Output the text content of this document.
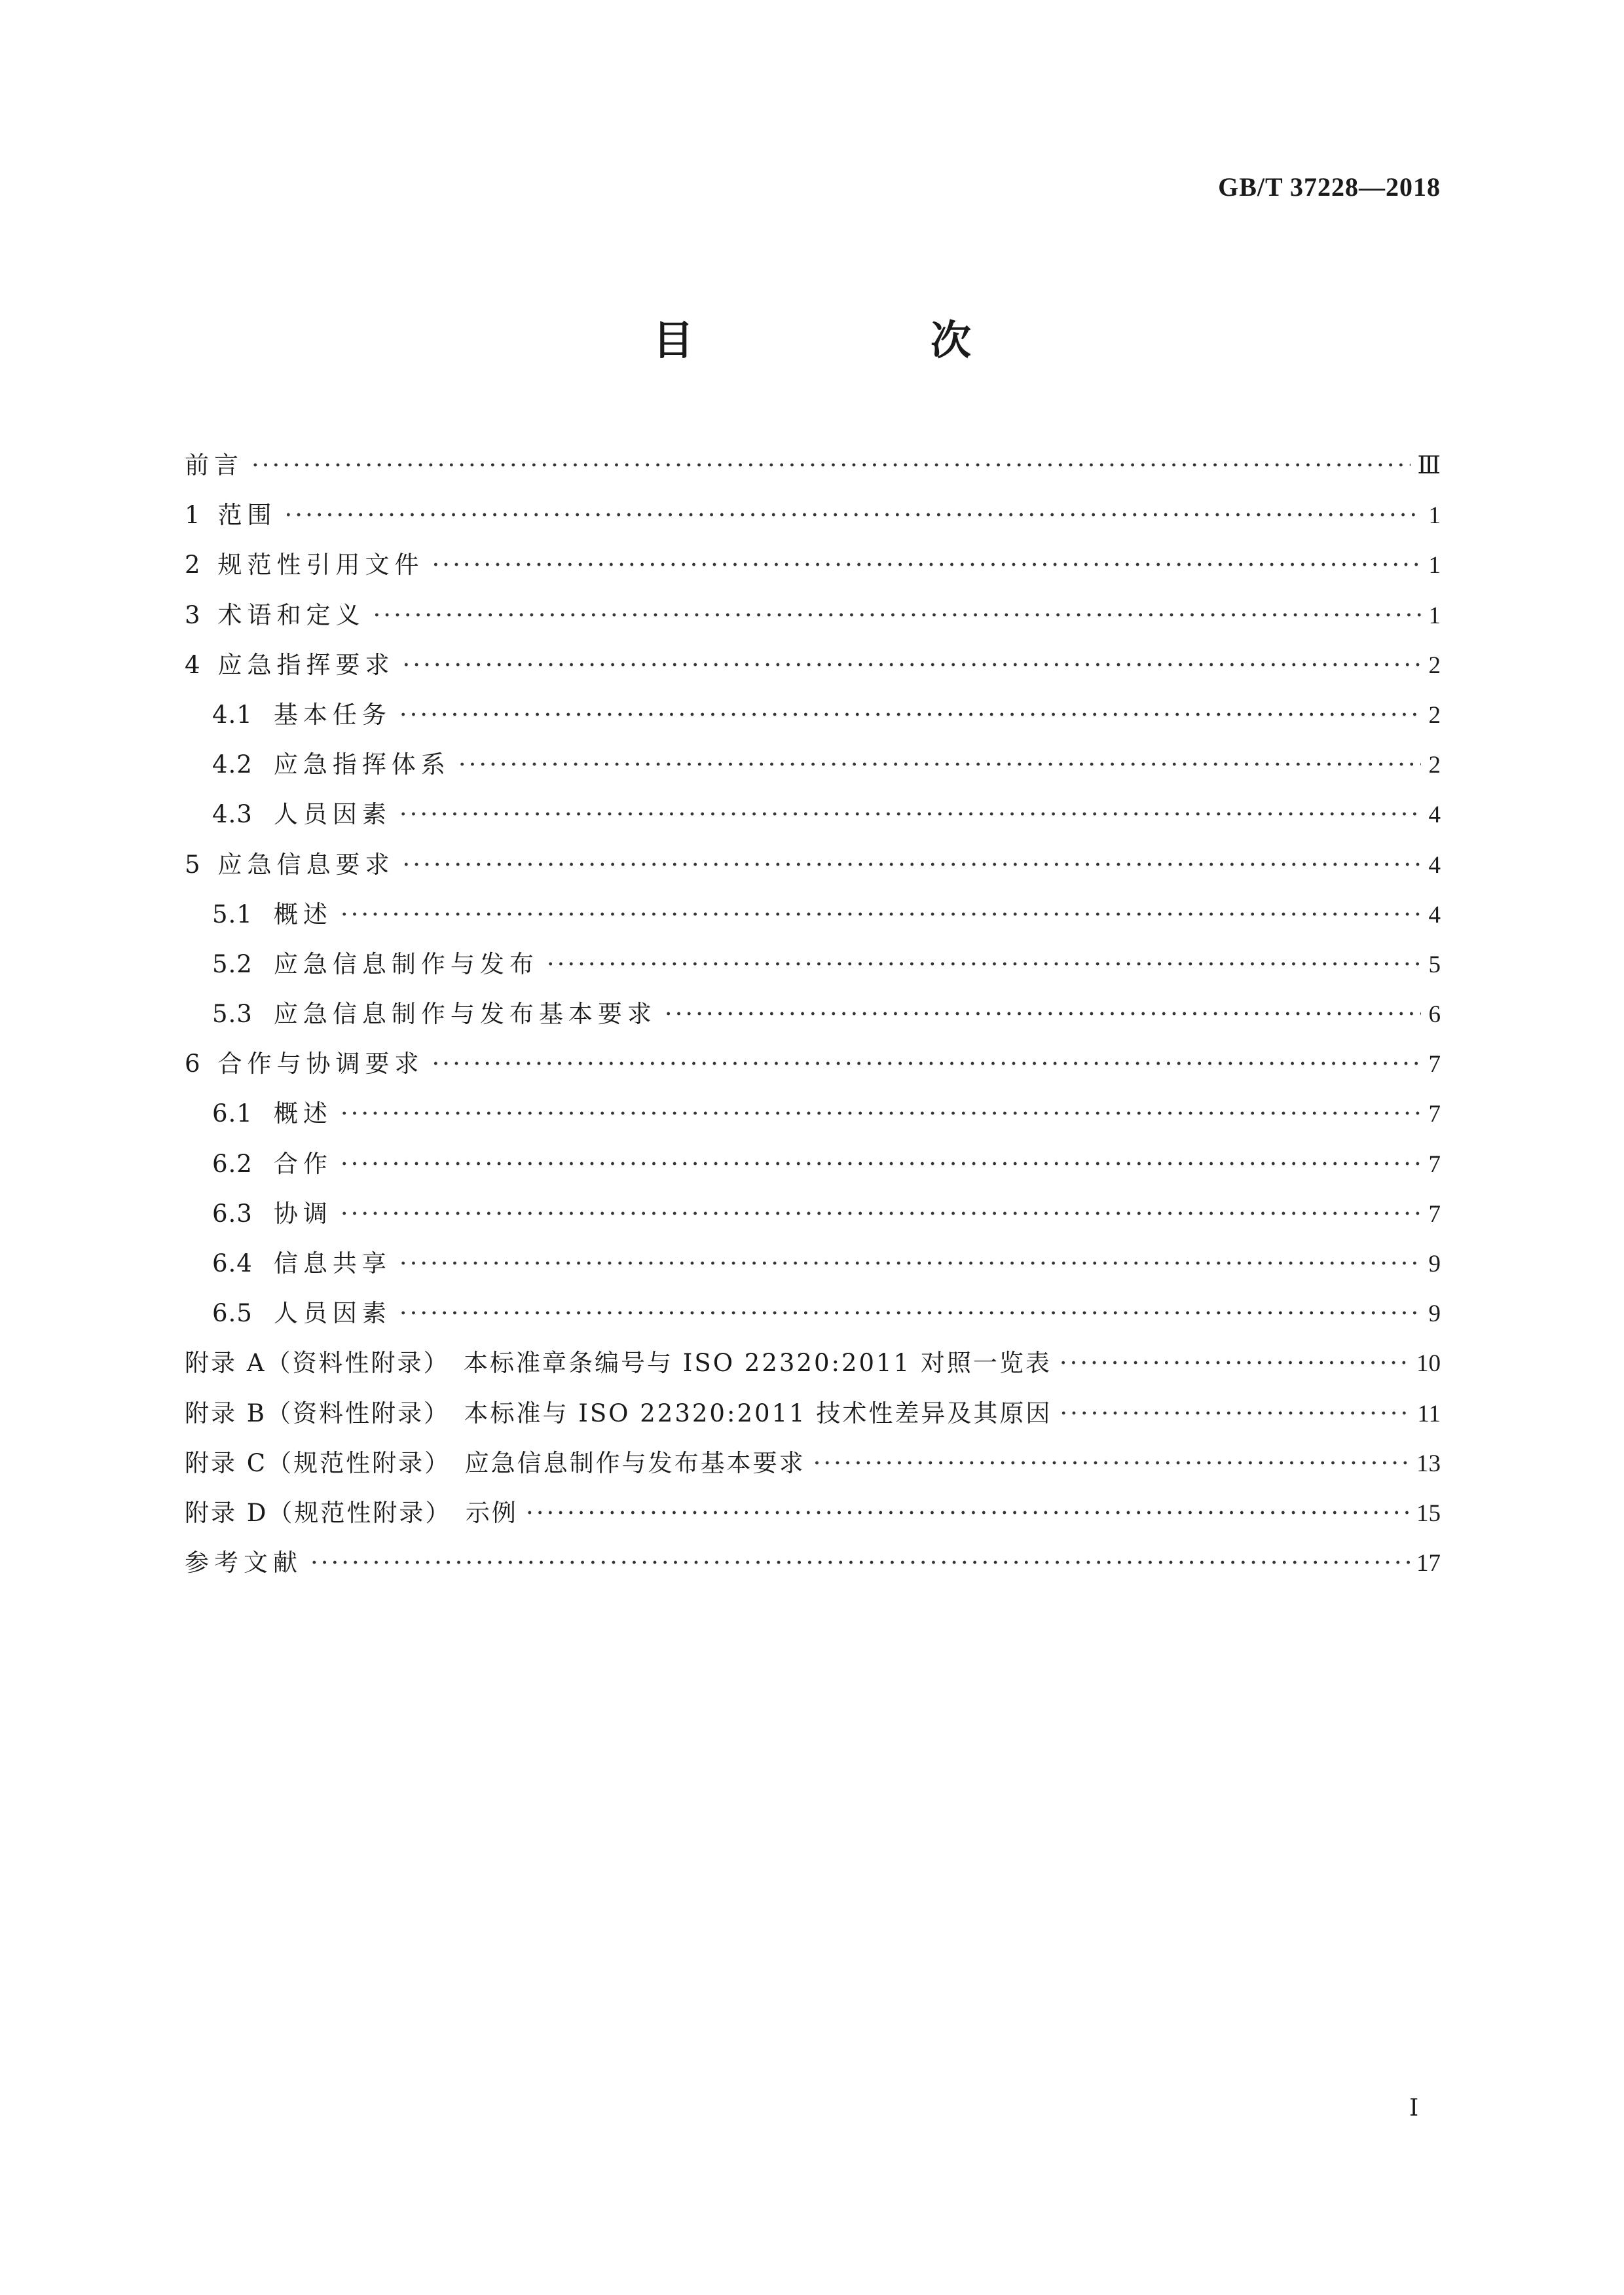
GB/T 37228—2018
目　次
前言 ·····	Ⅲ
1 范围 ·····	1
2 规范性引用文件 ·····	1
3 术语和定义 ·····	1
4 应急指挥要求 ·····	2
4.1 基本任务 ·····	2
4.2 应急指挥体系 ·····	2
4.3 人员因素 ·····	4
5 应急信息要求 ·····	4
5.1 概述 ·····	4
5.2 应急信息制作与发布 ·····	5
5.3 应急信息制作与发布基本要求 ·····	6
6 合作与协调要求 ·····	7
6.1 概述 ·····	7
6.2 合作 ·····	7
6.3 协调 ·····	7
6.4 信息共享 ·····	9
6.5 人员因素 ·····	9
附录 A（资料性附录）　本标准章条编号与 ISO 22320:2011 对照一览表 ·····	10
附录 B（资料性附录）　本标准与 ISO 22320:2011 技术性差异及其原因 ·····	11
附录 C（规范性附录）　应急信息制作与发布基本要求 ·····	13
附录 D（规范性附录）　示例 ·····	15
参考文献 ·····	17
Ⅰ
